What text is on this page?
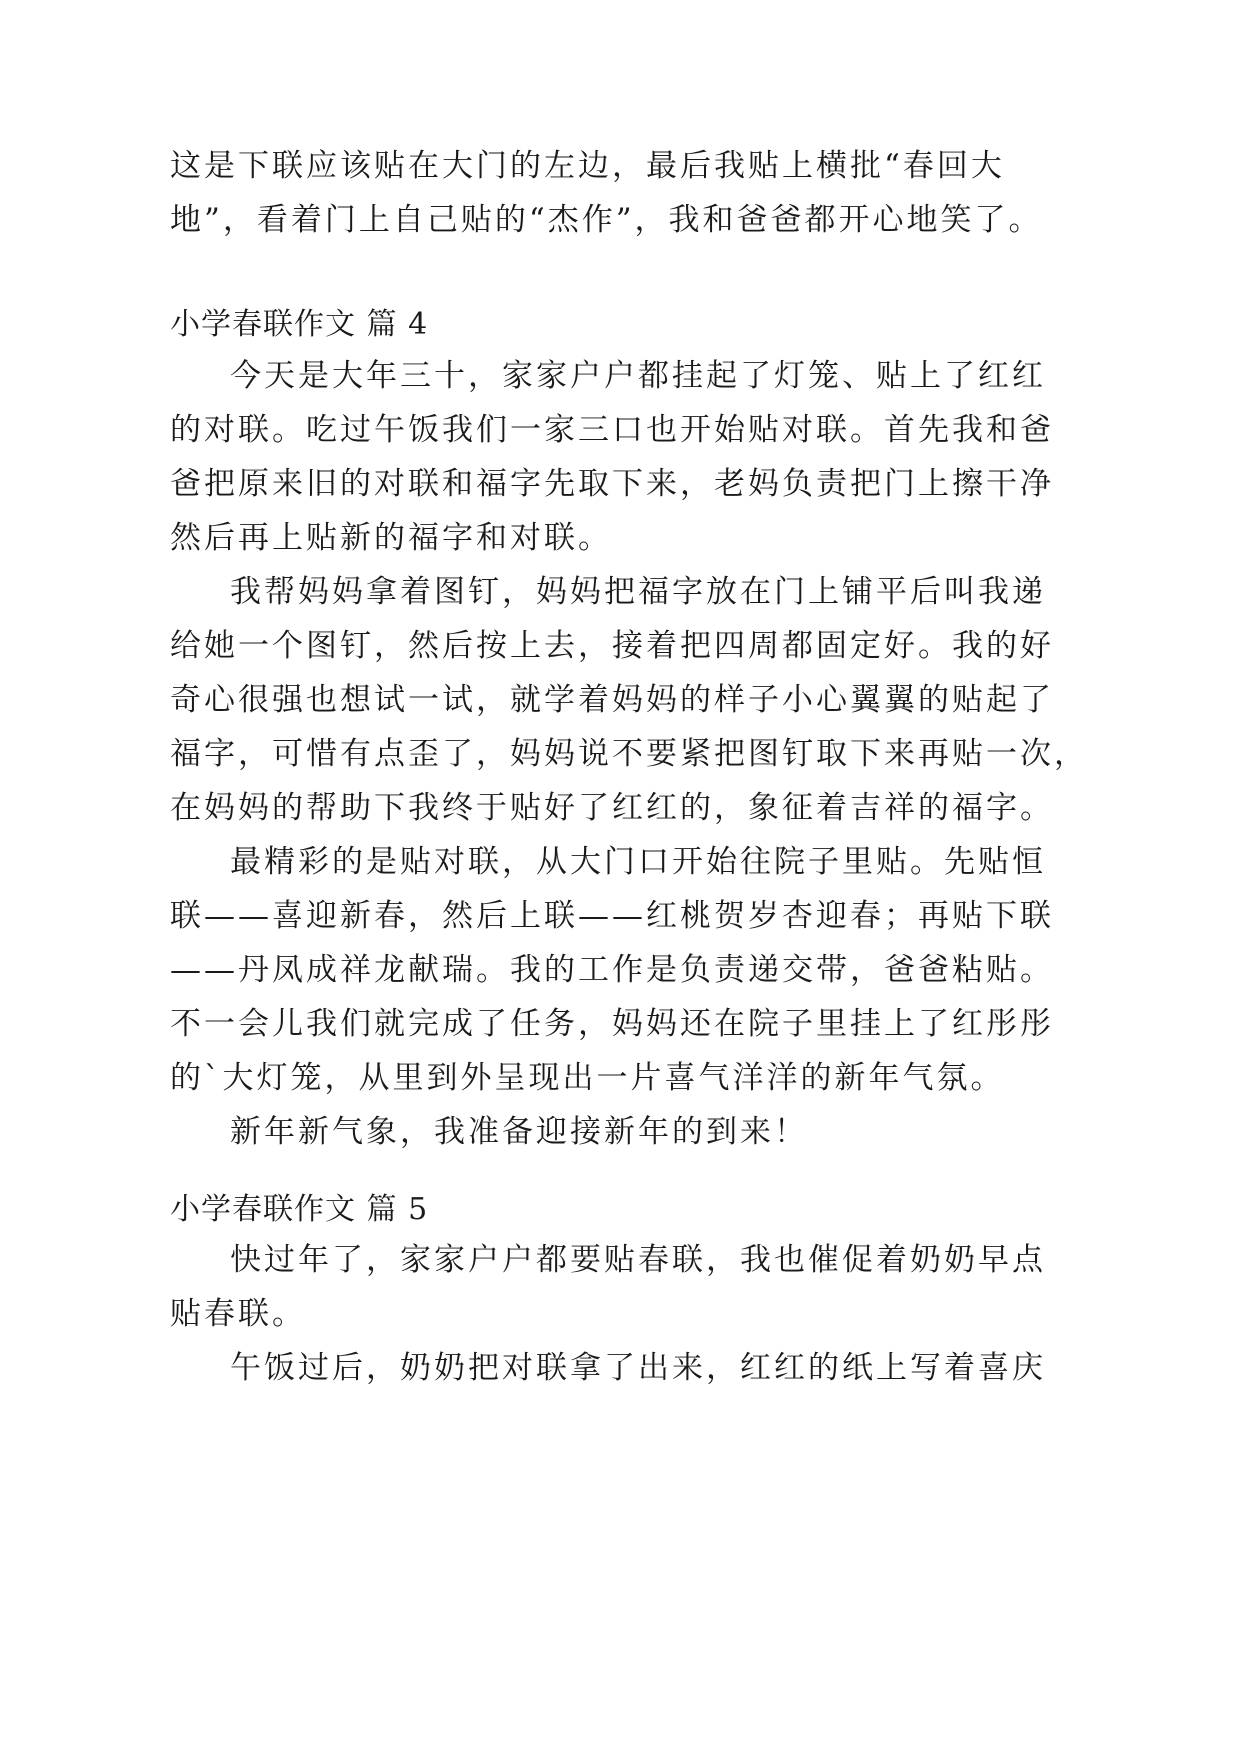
这是下联应该贴在大门的左边，最后我贴上横批“春回大
地”，看着门上自己贴的“杰作”，我和爸爸都开心地笑了。
小学春联作文 篇 4
今天是大年三十，家家户户都挂起了灯笼、贴上了红红
的对联。吃过午饭我们一家三口也开始贴对联。首先我和爸
爸把原来旧的对联和福字先取下来，老妈负责把门上擦干净
然后再上贴新的福字和对联。
我帮妈妈拿着图钉，妈妈把福字放在门上铺平后叫我递
给她一个图钉，然后按上去，接着把四周都固定好。我的好
奇心很强也想试一试，就学着妈妈的样子小心翼翼的贴起了
福字，可惜有点歪了，妈妈说不要紧把图钉取下来再贴一次，
在妈妈的帮助下我终于贴好了红红的，象征着吉祥的福字。
最精彩的是贴对联，从大门口开始往院子里贴。先贴恒
联——喜迎新春，然后上联——红桃贺岁杏迎春；再贴下联
——丹凤成祥龙献瑞。我的工作是负责递交带，爸爸粘贴。
不一会儿我们就完成了任务，妈妈还在院子里挂上了红彤彤
的`大灯笼，从里到外呈现出一片喜气洋洋的新年气氛。
新年新气象，我准备迎接新年的到来！
小学春联作文 篇 5
快过年了，家家户户都要贴春联，我也催促着奶奶早点
贴春联。
午饭过后，奶奶把对联拿了出来，红红的纸上写着喜庆
